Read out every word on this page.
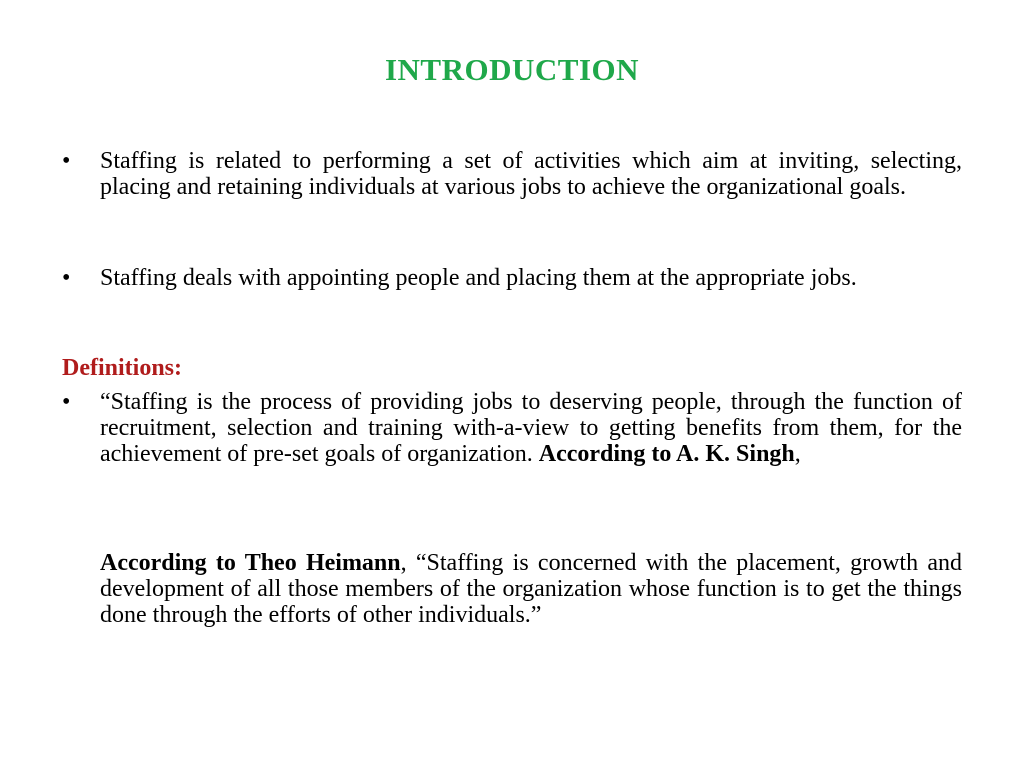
INTRODUCTION
•	Staffing is related to performing a set of activities which aim at inviting, selecting, placing and retaining individuals at various jobs to achieve the organizational goals.
•	Staffing deals with appointing people and placing them at the appropriate jobs.
Definitions:
•	“Staffing is the process of providing jobs to deserving people, through the function of recruitment, selection and training with-a-view to getting benefits from them, for the achievement of pre-set goals of organization. According to A. K. Singh,
According to Theo Heimann, “Staffing is concerned with the placement, growth and development of all those members of the organization whose function is to get the things done through the efforts of other individuals.”
